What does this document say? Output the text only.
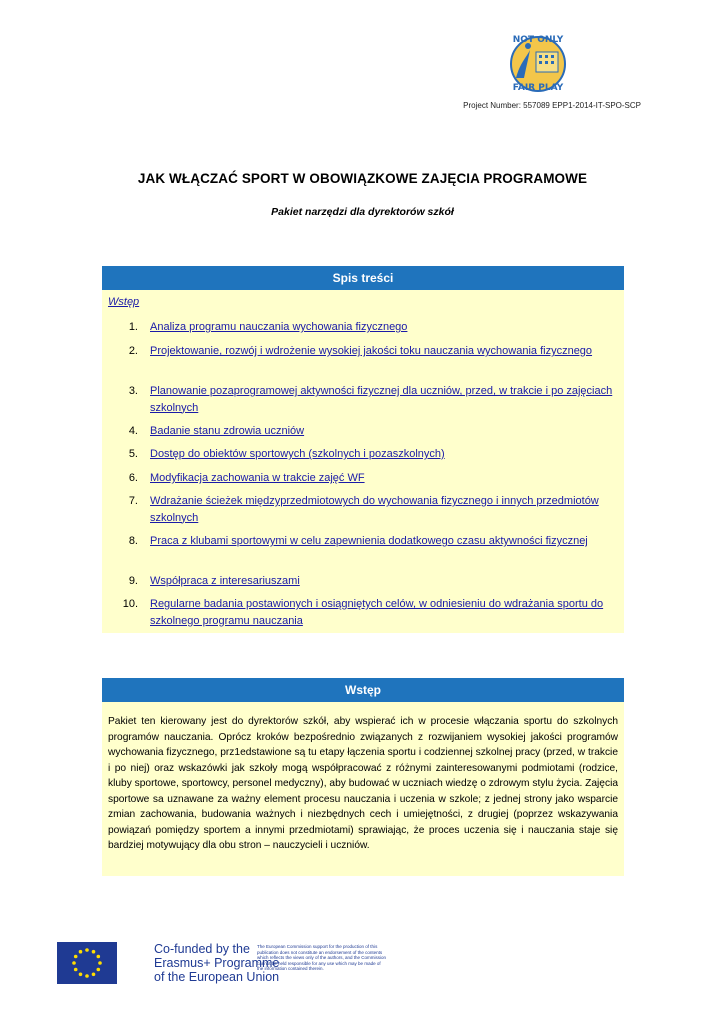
NOT ONLY
FAIR PLAY
Project Number: 557089 EPP1-2014-IT-SPO-SCP
JAK WŁĄCZAĆ SPORT W OBOWIĄZKOWE ZAJĘCIA PROGRAMOWE
Pakiet narzędzi dla dyrektorów szkół
Spis treści
Wstęp
1. Analiza programu nauczania wychowania fizycznego
2. Projektowanie, rozwój i wdrożenie wysokiej jakości toku nauczania wychowania fizycznego
3. Planowanie pozaprogramowej aktywności fizycznej dla uczniów, przed, w trakcie i po zajęciach szkolnych
4. Badanie stanu zdrowia uczniów
5. Dostęp do obiektów sportowych (szkolnych i pozaszkolnych)
6. Modyfikacja zachowania w trakcie zajęć WF
7. Wdrażanie ścieżek międzyprzedmiotowych do wychowania fizycznego i innych przedmiotów szkolnych
8. Praca z klubami sportowymi w celu zapewnienia dodatkowego czasu aktywności fizycznej
9. Współpraca z interesariuszami
10. Regularne badania postawionych i osiągniętych celów, w odniesieniu do wdrażania sportu do szkolnego programu nauczania
Wstęp

Pakiet ten kierowany jest do dyrektorów szkół, aby wspierać ich w procesie włączania sportu do szkolnych programów nauczania. Oprócz kroków bezpośrednio związanych z rozwijaniem wysokiej jakości programów wychowania fizycznego, prz1edstawione są tu etapy łączenia sportu i codziennej szkolnej pracy (przed, w trakcie i po niej) oraz wskazówki jak szkoły mogą współpracować z różnymi zainteresowanymi podmiotami (rodzice, kluby sportowe, sportowcy, personel medyczny), aby budować w uczniach wiedzę o zdrowym stylu życia. Zajęcia sportowe sa uznawane za ważny element procesu nauczania i uczenia w szkole; z jednej strony jako wsparcie zmian zachowania, budowania ważnych i niezbędnych cech i umiejętności, z drugiej (poprzez wskazywania powiązań pomiędzy sportem a innymi przedmiotami) sprawiając, że proces uczenia się i nauczania staje się bardziej motywujący dla obu stron – nauczycieli i uczniów.

Co-funded by the
Erasmus+ Programme
of the European Union
The European Commission support for the production of this publication does not constitute an endorsement of the contents which reflects the views only of the authors, and the Commission cannot be held responsible for any use which may be made of the information contained therein.
